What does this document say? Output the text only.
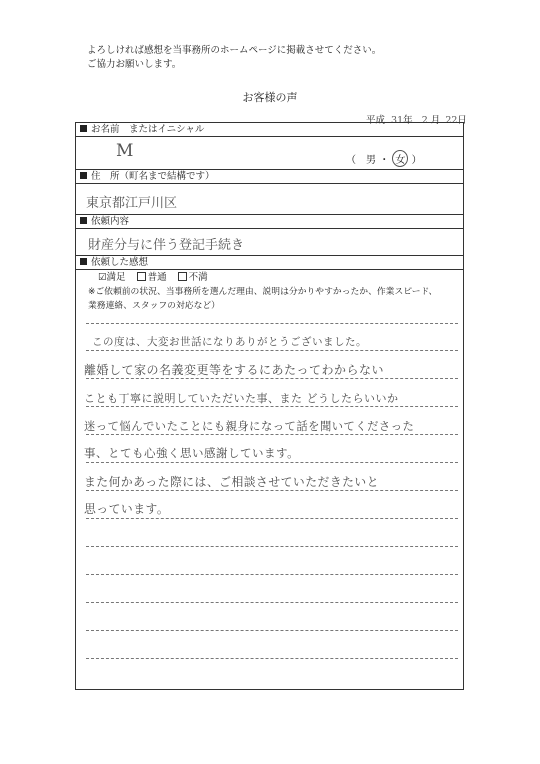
よろしければ感想を当事務所のホームページに掲載させてください。
ご協力お願いします。
お客様の声
平成 31年 2 月 22日
お名前　またはイニシャル
M	（　男 ・ 女 ）
住　所（町名まで結構です）
東京都江戸川区
依頼内容
財産分与に伴う登記手続き
依頼した感想
☑満足 普通 不満
※ご依頼前の状況、当事務所を選んだ理由、説明は分かりやすかったか、作業スピード、
業務連絡、スタッフの対応など）
この度は、大変お世話になりありがとうございました。
離婚して家の名義変更等をするにあたってわからない
ことも丁寧に説明していただいた事、また どうしたらいいか
迷って悩んでいたことにも親身になって話を聞いてくださった
事、とても心強く思い感謝しています。
また何かあった際には、ご相談させていただきたいと
思っています。
